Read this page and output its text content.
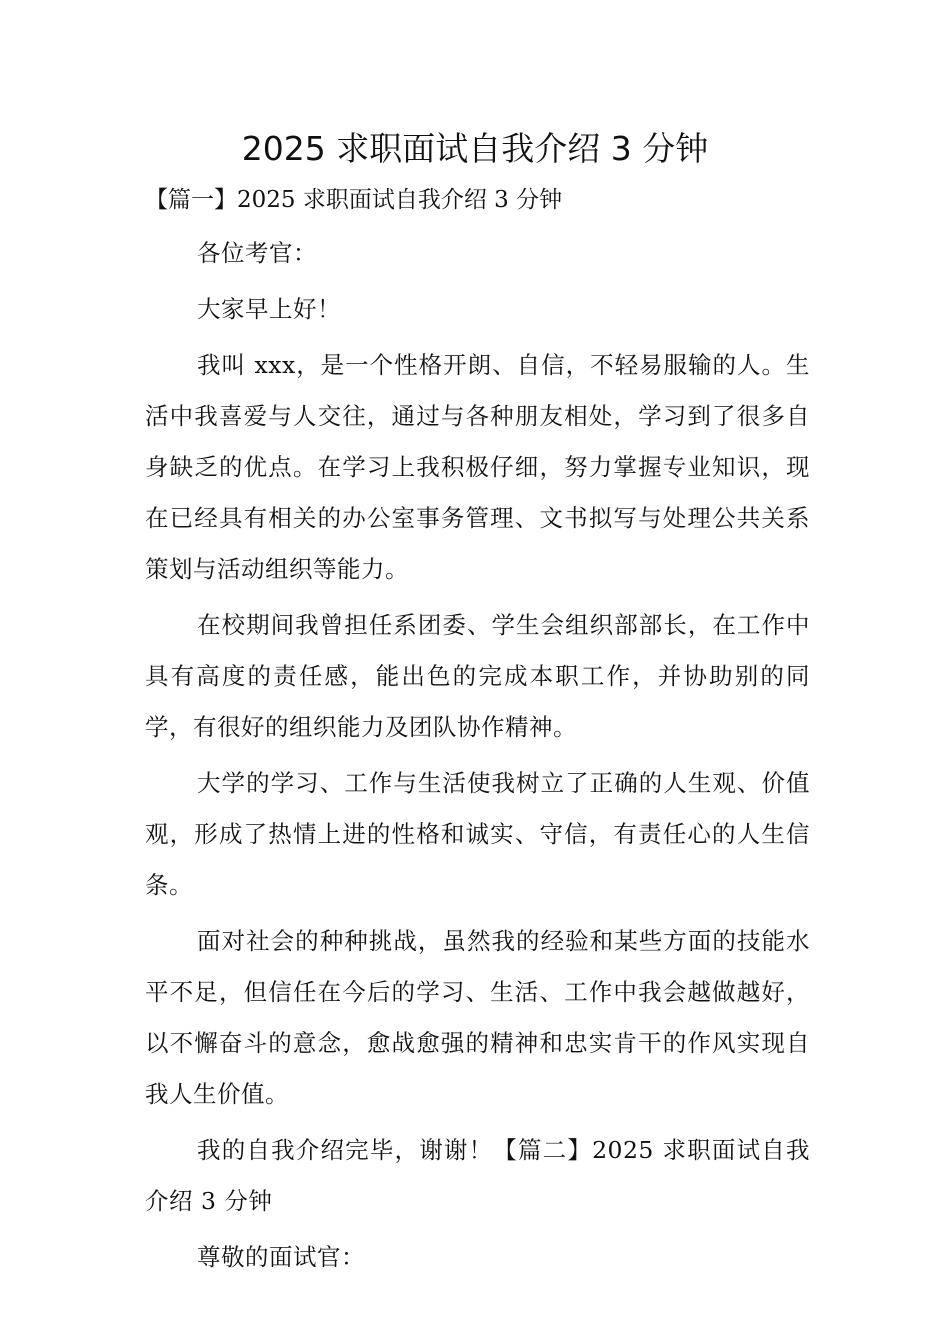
2025 求职面试自我介绍 3 分钟

【篇一】2025 求职面试自我介绍 3 分钟

各位考官：

大家早上好！

我叫 xxx，是一个性格开朗、自信，不轻易服输的人。生活中我喜爱与人交往，通过与各种朋友相处，学习到了很多自身缺乏的优点。在学习上我积极仔细，努力掌握专业知识，现在已经具有相关的办公室事务管理、文书拟写与处理公共关系策划与活动组织等能力。

在校期间我曾担任系团委、学生会组织部部长，在工作中具有高度的责任感，能出色的完成本职工作，并协助别的同学，有很好的组织能力及团队协作精神。

大学的学习、工作与生活使我树立了正确的人生观、价值观，形成了热情上进的性格和诚实、守信，有责任心的人生信条。

面对社会的种种挑战，虽然我的经验和某些方面的技能水平不足，但信任在今后的学习、生活、工作中我会越做越好，以不懈奋斗的意念，愈战愈强的精神和忠实肯干的作风实现自我人生价值。

我的自我介绍完毕，谢谢！【篇二】2025 求职面试自我介绍 3 分钟

尊敬的面试官：
